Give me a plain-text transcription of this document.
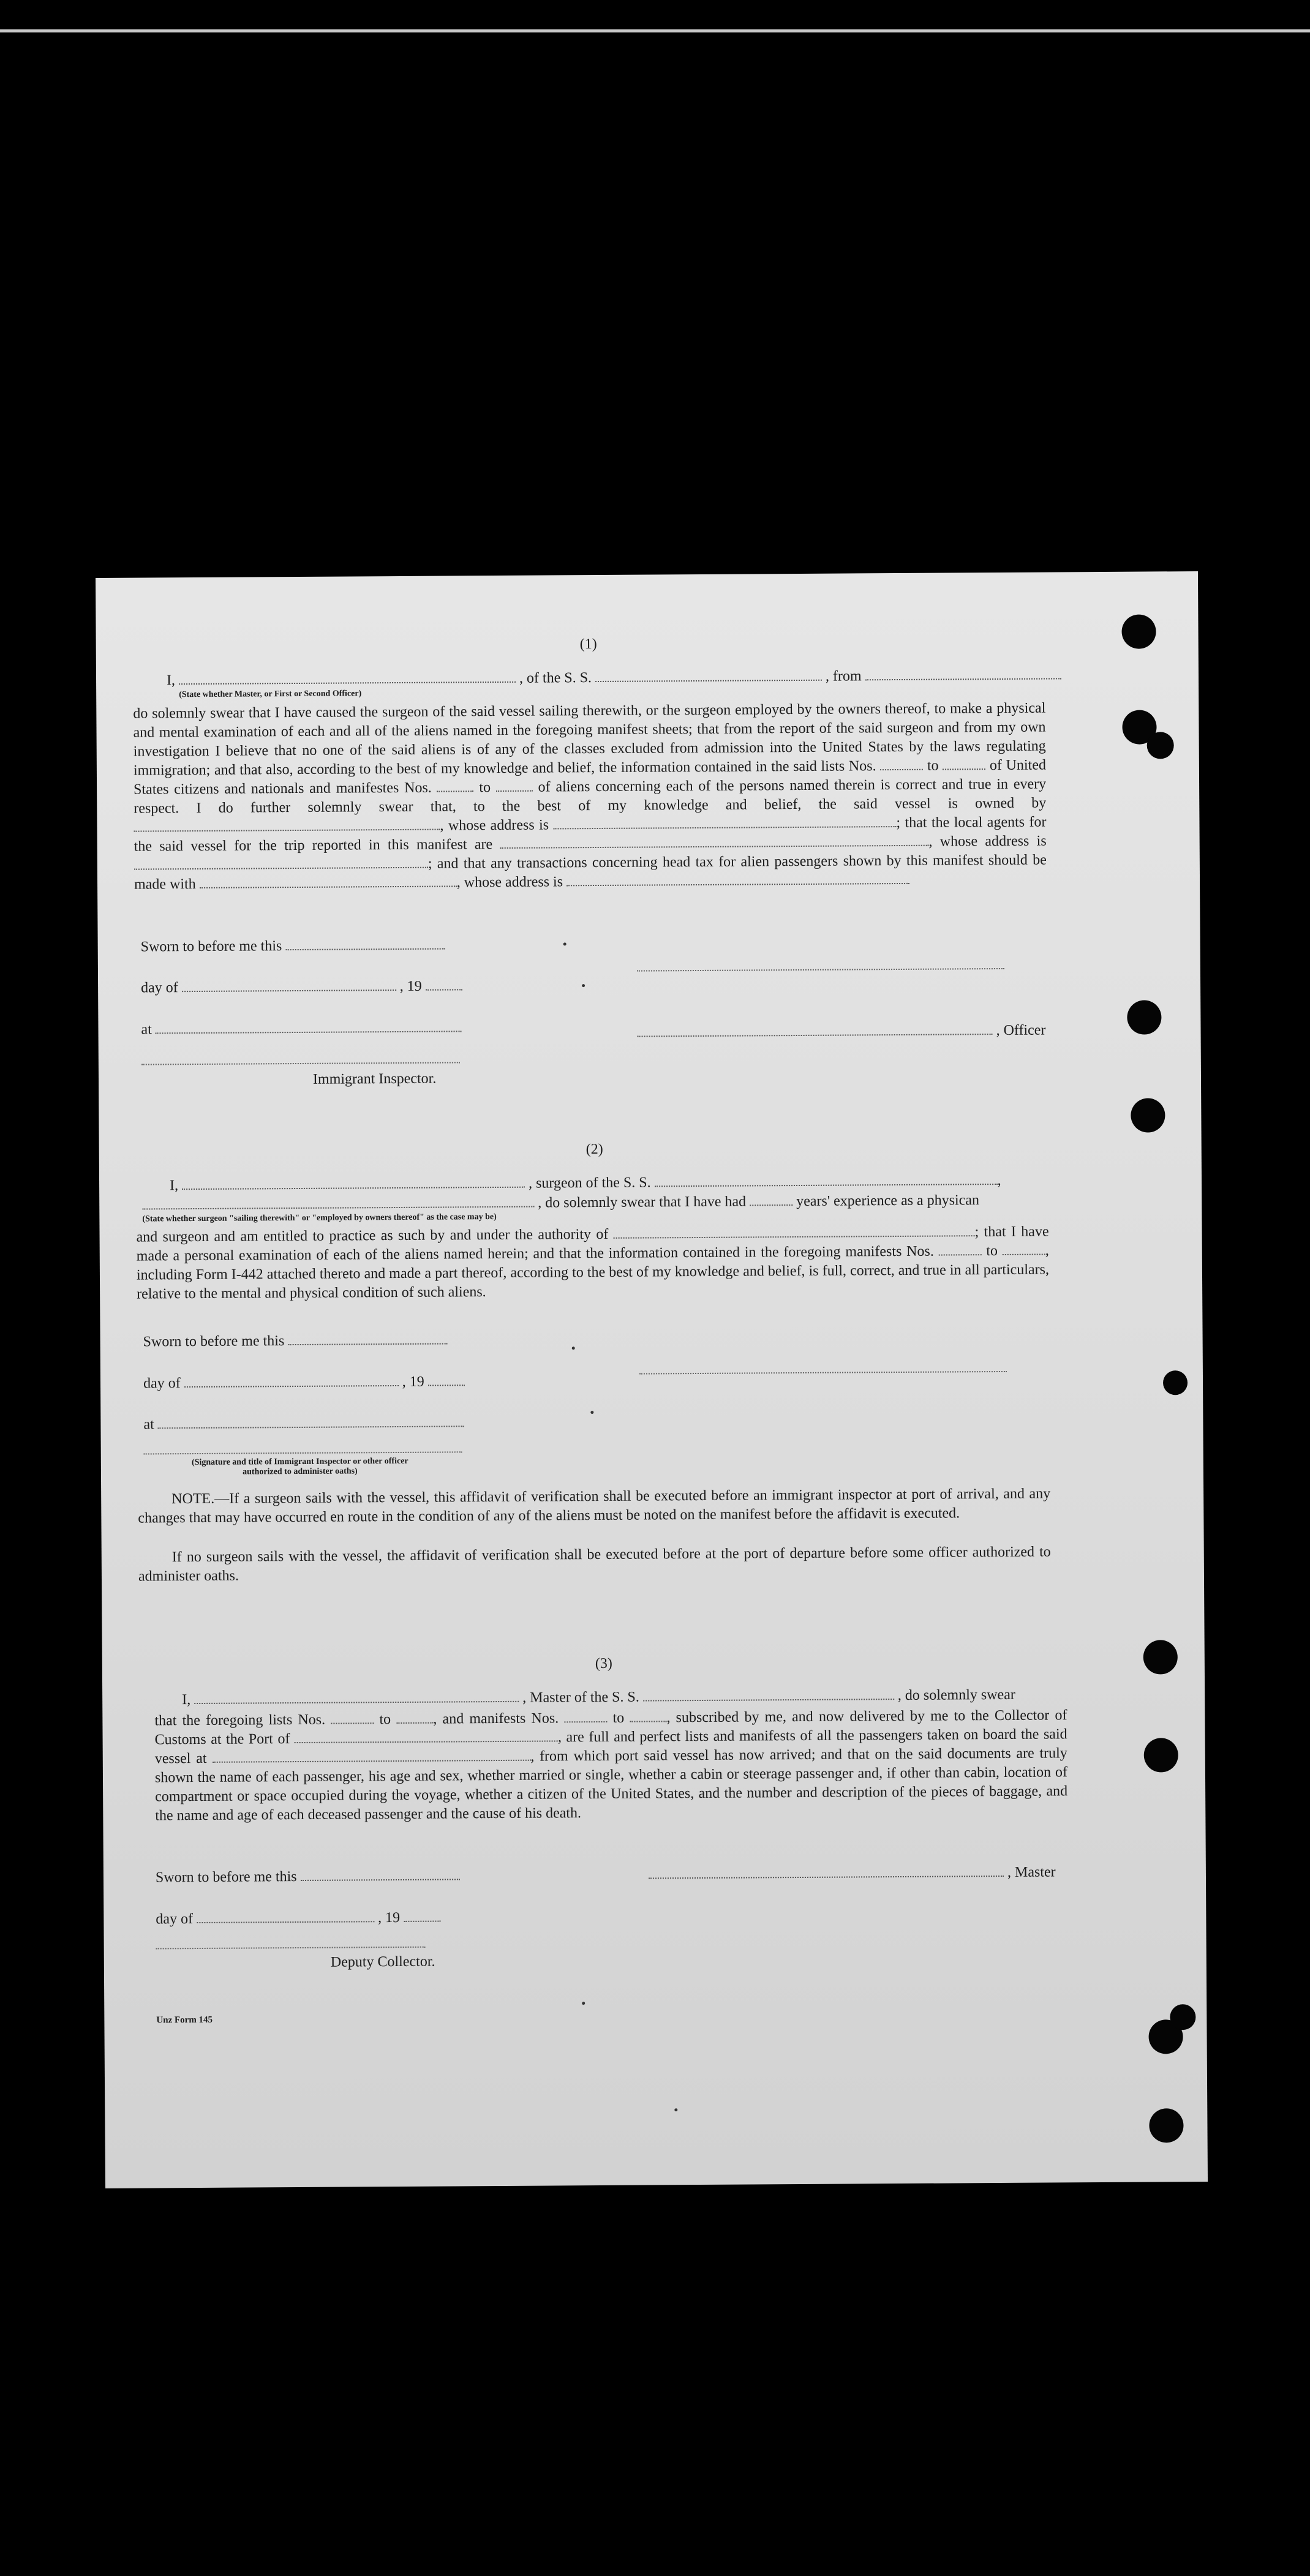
(1)
I,	, of the S. S.	, from
(State whether Master, or First or Second Officer)
do solemnly swear that I have caused the surgeon of the said vessel sailing therewith, or the surgeon employed by the owners thereof, to make a physical and mental examination of each and all of the aliens named in the foregoing manifest sheets; that from the report of the said surgeon and from my own investigation I believe that no one of the said aliens is of any of the classes excluded from admission into the United States by the laws regulating immigration; and that also, according to the best of my knowledge and belief, the information contained in the said lists Nos.	to	of United States citizens and nationals and manifestes Nos.	to	of aliens concerning each of the persons named therein is correct and true in every respect. I do further solemnly swear that, to the best of my knowledge and belief, the said vessel is owned by , whose address is	; that the local agents for the said vessel for the trip reported in this manifest are	, whose address is ; and that any transactions concerning head tax for alien passengers shown by this manifest should be made with	, whose address is
Sworn to before me this
day of	, 19
at	, Officer
Immigrant Inspector.
(2)
I,	, surgeon of the S. S.	,
, do solemnly swear that I have had	years' experience as a physican
(State whether surgeon "sailing therewith" or "employed by owners thereof" as the case may be)
and surgeon and am entitled to practice as such by and under the authority of	; that I have made a personal examination of each of the aliens named herein; and that the information contained in the foregoing manifests Nos.	to	, including Form I-442 attached thereto and made a part thereof, according to the best of my knowledge and belief, is full, correct, and true in all particulars, relative to the mental and physical condition of such aliens.
Sworn to before me this
day of	, 19
at
(Signature and title of Immigrant Inspector or other officer authorized to administer oaths)
NOTE.—If a surgeon sails with the vessel, this affidavit of verification shall be executed before an immigrant inspector at port of arrival, and any changes that may have occurred en route in the condition of any of the aliens must be noted on the manifest before the affidavit is executed.
If no surgeon sails with the vessel, the affidavit of verification shall be executed before at the port of departure before some officer authorized to administer oaths.
(3)
I,	, Master of the S. S.	, do solemnly swear
that the foregoing lists Nos.	to	, and manifests Nos.	to	, subscribed by me, and now delivered by me to the Collector of Customs at the Port of	, are full and perfect lists and manifests of all the passengers taken on board the said vessel at	, from which port said vessel has now arrived; and that on the said documents are truly shown the name of each passenger, his age and sex, whether married or single, whether a cabin or steerage passenger and, if other than cabin, location of compartment or space occupied during the voyage, whether a citizen of the United States, and the number and description of the pieces of baggage, and the name and age of each deceased passenger and the cause of his death.
Sworn to before me this	, Master
day of	, 19
Deputy Collector.
Unz Form 145
